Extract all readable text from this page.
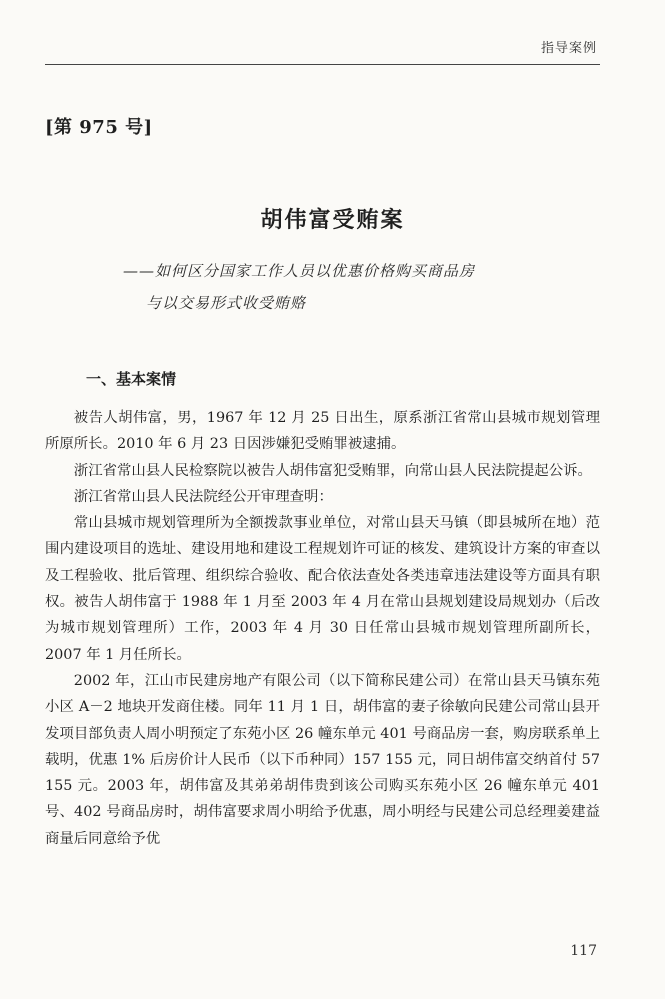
指导案例
[第 975 号]
胡伟富受贿案
——如何区分国家工作人员以优惠价格购买商品房
与以交易形式收受贿赂
一、基本案情

被告人胡伟富，男，1967 年 12 月 25 日出生，原系浙江省常山县城市规划管理所原所长。2010 年 6 月 23 日因涉嫌犯受贿罪被逮捕。

浙江省常山县人民检察院以被告人胡伟富犯受贿罪，向常山县人民法院提起公诉。

浙江省常山县人民法院经公开审理查明：

常山县城市规划管理所为全额拨款事业单位，对常山县天马镇（即县城所在地）范围内建设项目的选址、建设用地和建设工程规划许可证的核发、建筑设计方案的审查以及工程验收、批后管理、组织综合验收、配合依法查处各类违章违法建设等方面具有职权。被告人胡伟富于 1988 年 1 月至 2003 年 4 月在常山县规划建设局规划办（后改为城市规划管理所）工作，2003 年 4 月 30 日任常山县城市规划管理所副所长，2007 年 1 月任所长。

2002 年，江山市民建房地产有限公司（以下简称民建公司）在常山县天马镇东苑小区 A－2 地块开发商住楼。同年 11 月 1 日，胡伟富的妻子徐敏向民建公司常山县开发项目部负责人周小明预定了东苑小区 26 幢东单元 401 号商品房一套，购房联系单上载明，优惠 1% 后房价计人民币（以下币种同）157 155 元，同日胡伟富交纳首付 57 155 元。2003 年，胡伟富及其弟弟胡伟贵到该公司购买东苑小区 26 幢东单元 401 号、402 号商品房时，胡伟富要求周小明给予优惠，周小明经与民建公司总经理姜建益商量后同意给予优

117
